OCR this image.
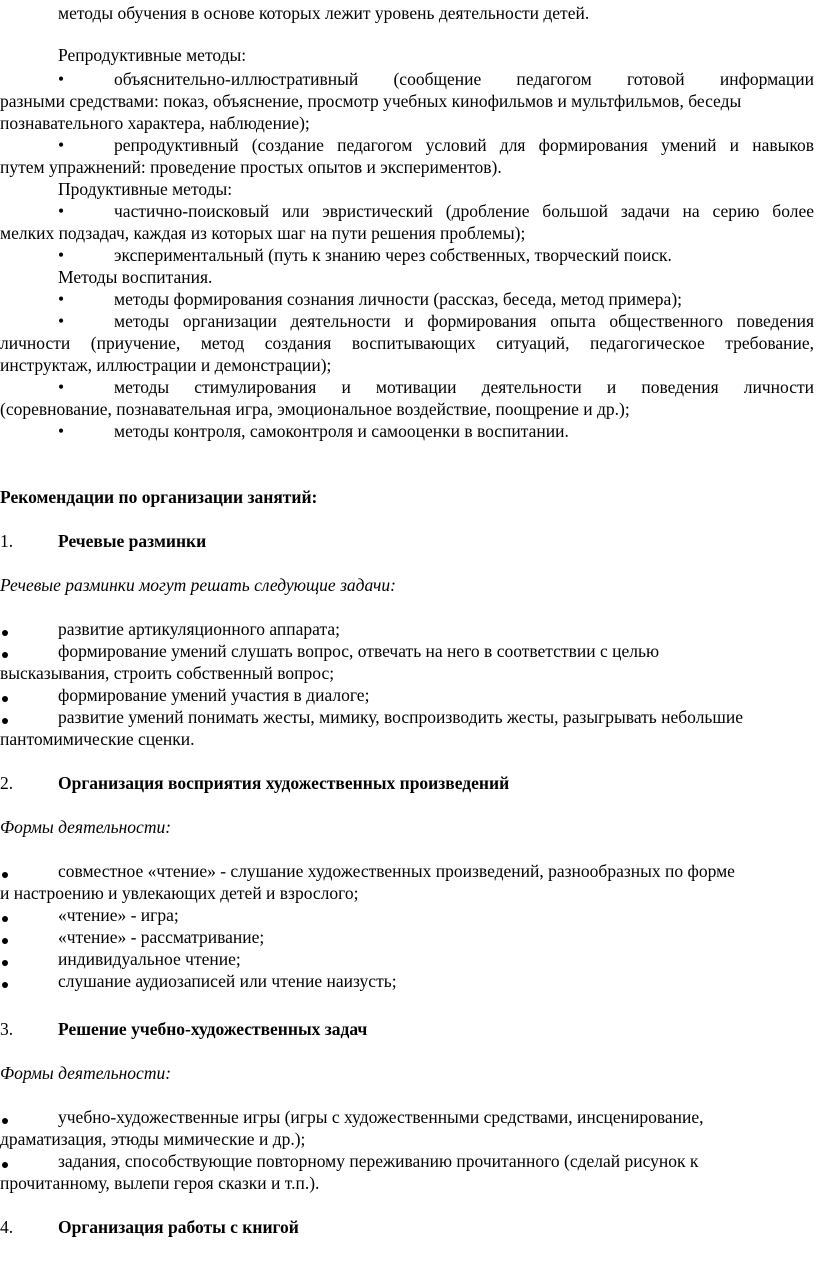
методы обучения в основе которых лежит уровень деятельности детей.
Репродуктивные методы:
•	объяснительно-иллюстративный (сообщение педагогом готовой информации
разными средствами: показ, объяснение, просмотр учебных кинофильмов и мультфильмов, беседы
познавательного характера, наблюдение);
•	репродуктивный (создание педагогом условий для формирования умений и навыков
путем упражнений: проведение простых опытов и экспериментов).
Продуктивные методы:
•	частично-поисковый или эвристический (дробление большой задачи на серию более
мелких подзадач, каждая из которых шаг на пути решения проблемы);
•	экспериментальный (путь к знанию через собственных, творческий поиск.
Методы воспитания.
•	методы формирования сознания личности (рассказ, беседа, метод примера);
•	методы организации деятельности и формирования опыта общественного поведения
личности (приучение, метод создания воспитывающих ситуаций, педагогическое требование,
инструктаж, иллюстрации и демонстрации);
•	методы стимулирования и мотивации деятельности и поведения личности
(соревнование, познавательная игра, эмоциональное воздействие, поощрение и др.);
•	методы контроля, самоконтроля и самооценки в воспитании.
Рекомендации по организации занятий:
1.	Речевые разминки
Речевые разминки могут решать следующие задачи:
развитие артикуляционного аппарата;
формирование умений слушать вопрос, отвечать на него в соответствии с целью
высказывания, строить собственный вопрос;
формирование умений участия в диалоге;
развитие умений понимать жесты, мимику, воспроизводить жесты, разыгрывать небольшие
пантомимические сценки.
2.	Организация восприятия художественных произведений
Формы деятельности:
совместное «чтение» - слушание художественных произведений, разнообразных по форме
и настроению и увлекающих детей и взрослого;
«чтение» - игра;
«чтение» - рассматривание;
индивидуальное чтение;
слушание аудиозаписей или чтение наизусть;
3.	Решение учебно-художественных задач
Формы деятельности:
учебно-художественные игры (игры с художественными средствами, инсценирование,
драматизация, этюды мимические и др.);
задания, способствующие повторному переживанию прочитанного (сделай рисунок к
прочитанному, вылепи героя сказки и т.п.).
4.	Организация работы с книгой
